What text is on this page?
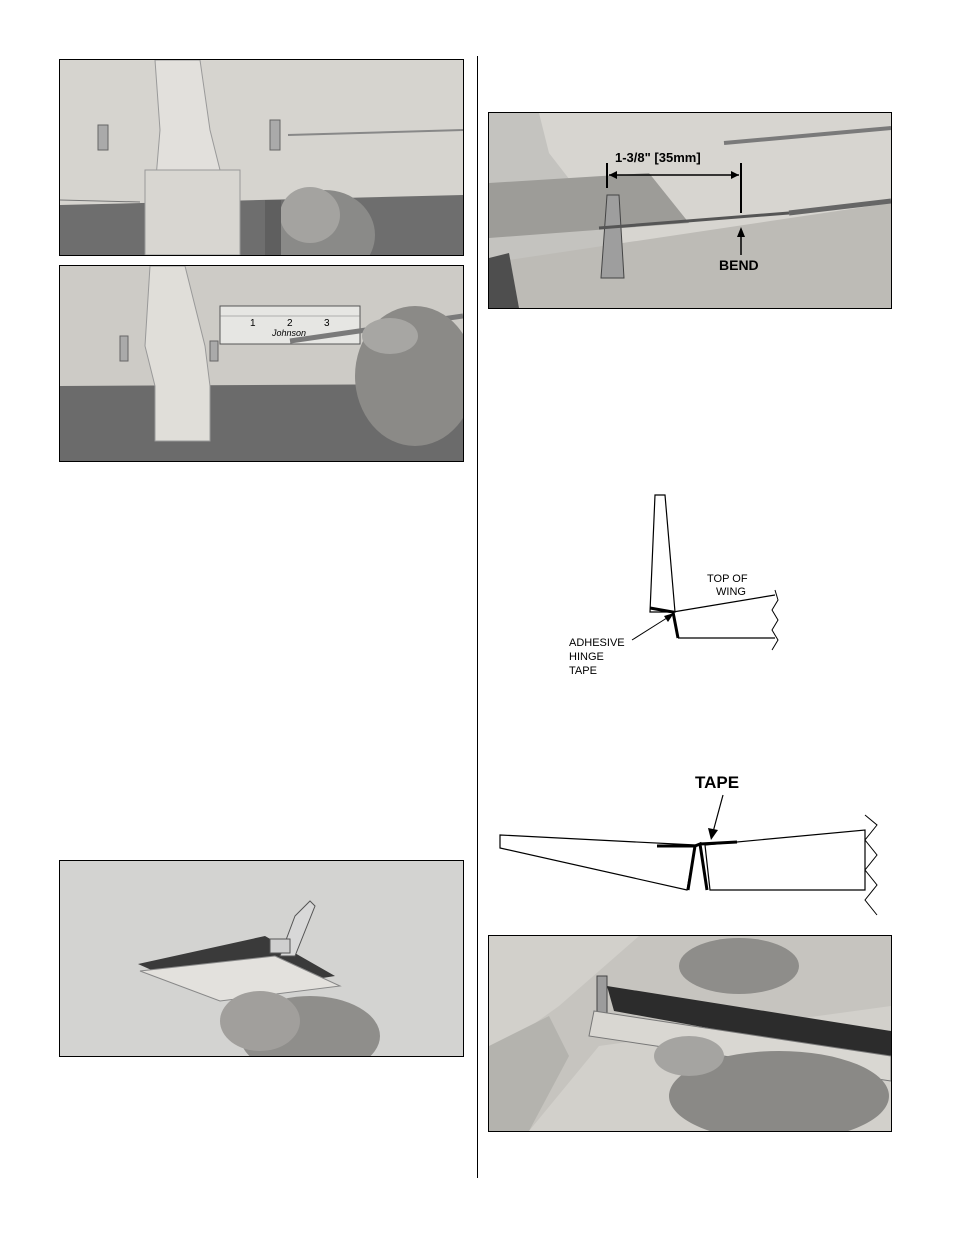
1	2	3
Johnson
1-3/8" [35mm]
BEND
TOP OF
WING
ADHESIVE
HINGE
TAPE
TAPE
